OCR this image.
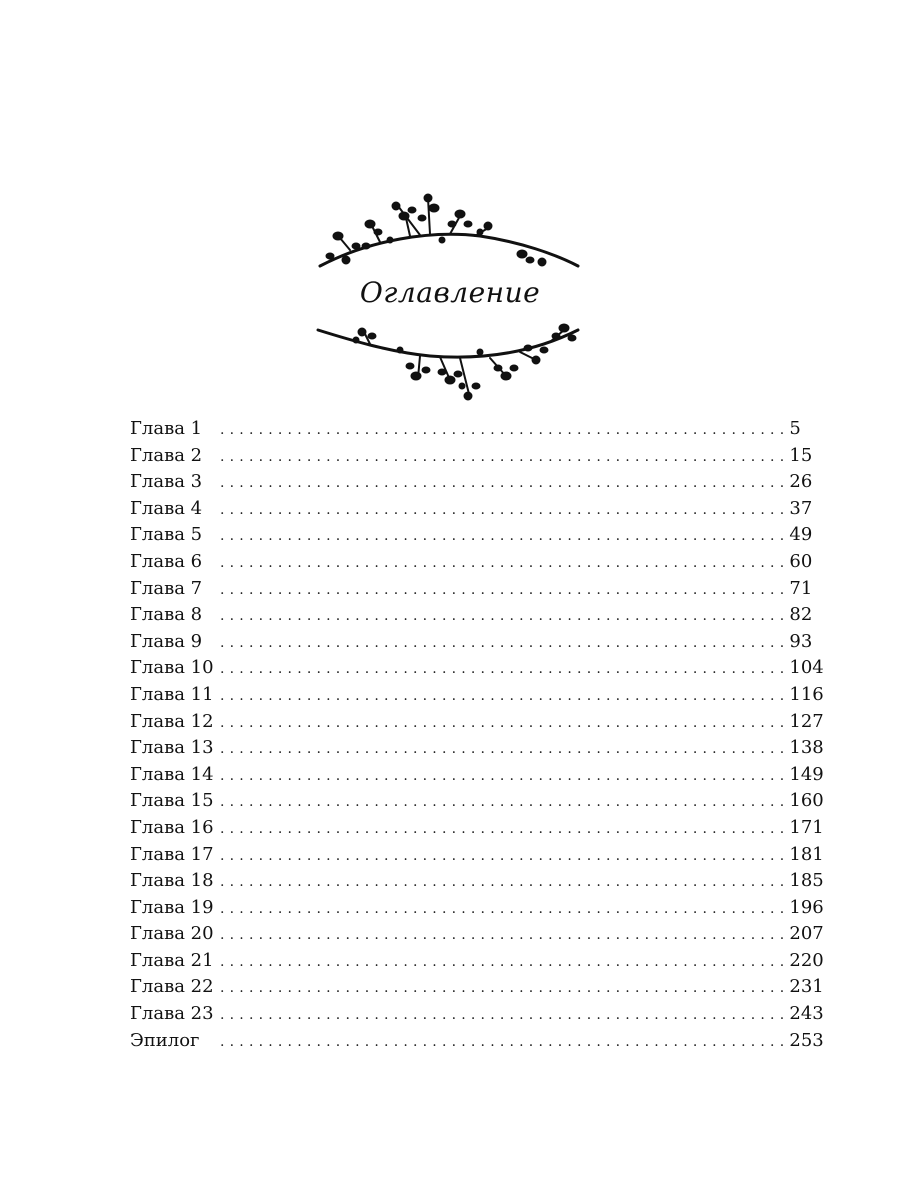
Оглавление
Глава 1	........................................................... 5
Глава 2	........................................................... 15
Глава 3	........................................................... 26
Глава 4	........................................................... 37
Глава 5	........................................................... 49
Глава 6	........................................................... 60
Глава 7	........................................................... 71
Глава 8	........................................................... 82
Глава 9	........................................................... 93
Глава 10 ........................................................... 104
Глава 11 ........................................................... 116
Глава 12 ........................................................... 127
Глава 13 ........................................................... 138
Глава 14 ........................................................... 149
Глава 15 ........................................................... 160
Глава 16 ........................................................... 171
Глава 17 ........................................................... 181
Глава 18 ........................................................... 185
Глава 19 ........................................................... 196
Глава 20 ........................................................... 207
Глава 21 ........................................................... 220
Глава 22 ........................................................... 231
Глава 23 ........................................................... 243
Эпилог	........................................................... 253
